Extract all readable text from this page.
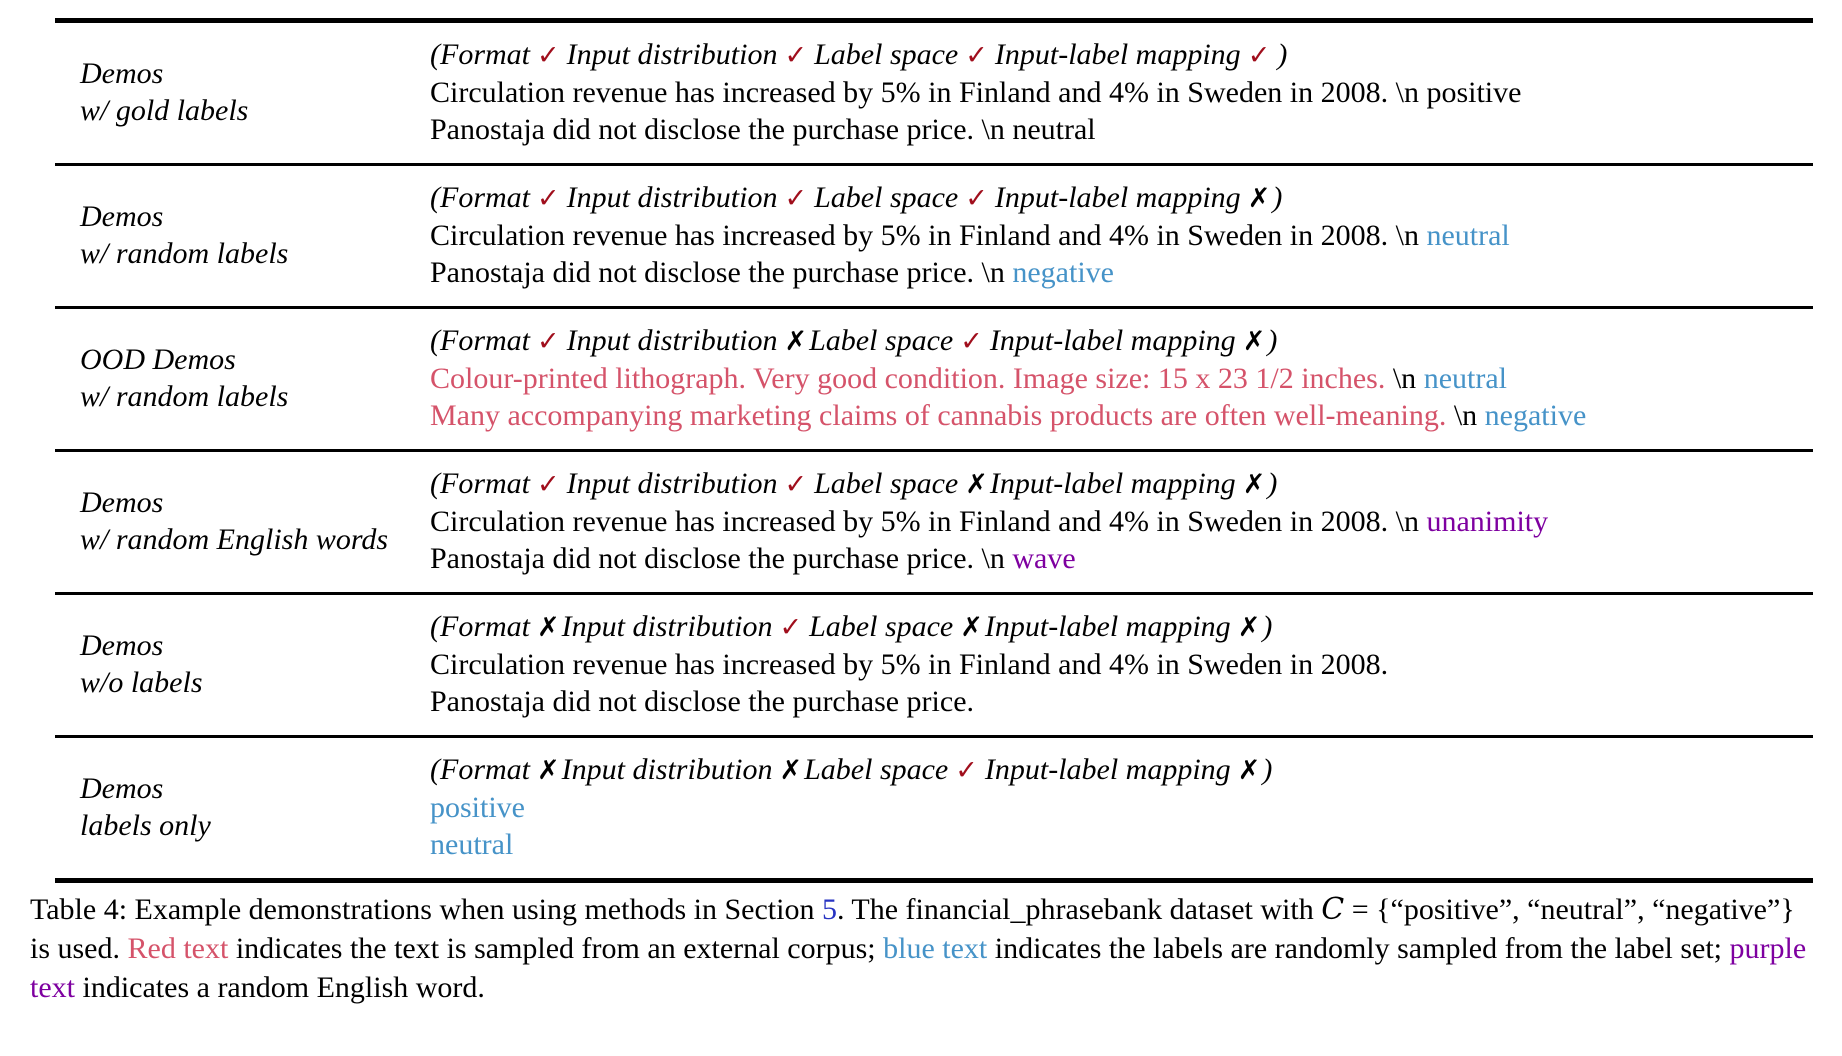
Demos
w/ gold labels
(Format ✓ Input distribution ✓ Label space ✓ Input-label mapping ✓ )
Circulation revenue has increased by 5% in Finland and 4% in Sweden in 2008. \n positive
Panostaja did not disclose the purchase price. \n neutral
Demos
w/ random labels
(Format ✓ Input distribution ✓ Label space ✓ Input-label mapping ✗)
Circulation revenue has increased by 5% in Finland and 4% in Sweden in 2008. \n neutral
Panostaja did not disclose the purchase price. \n negative
OOD Demos
w/ random labels
(Format ✓ Input distribution ✗Label space ✓ Input-label mapping ✗)
Colour-printed lithograph. Very good condition. Image size: 15 x 23 1/2 inches. \n neutral
Many accompanying marketing claims of cannabis products are often well-meaning. \n negative
Demos
w/ random English words
(Format ✓ Input distribution ✓ Label space ✗Input-label mapping ✗)
Circulation revenue has increased by 5% in Finland and 4% in Sweden in 2008. \n unanimity
Panostaja did not disclose the purchase price. \n wave
Demos
w/o labels
(Format ✗Input distribution ✓ Label space ✗Input-label mapping ✗)
Circulation revenue has increased by 5% in Finland and 4% in Sweden in 2008.
Panostaja did not disclose the purchase price.
Demos
labels only
(Format ✗Input distribution ✗Label space ✓ Input-label mapping ✗)
positive
neutral

Table 4: Example demonstrations when using methods in Section 5. The financial_phrasebank dataset with C = {“positive”, “neutral”, “negative”} is used. Red text indicates the text is sampled from an external corpus; blue text indicates the labels are randomly sampled from the label set; purple text indicates a random English word.
